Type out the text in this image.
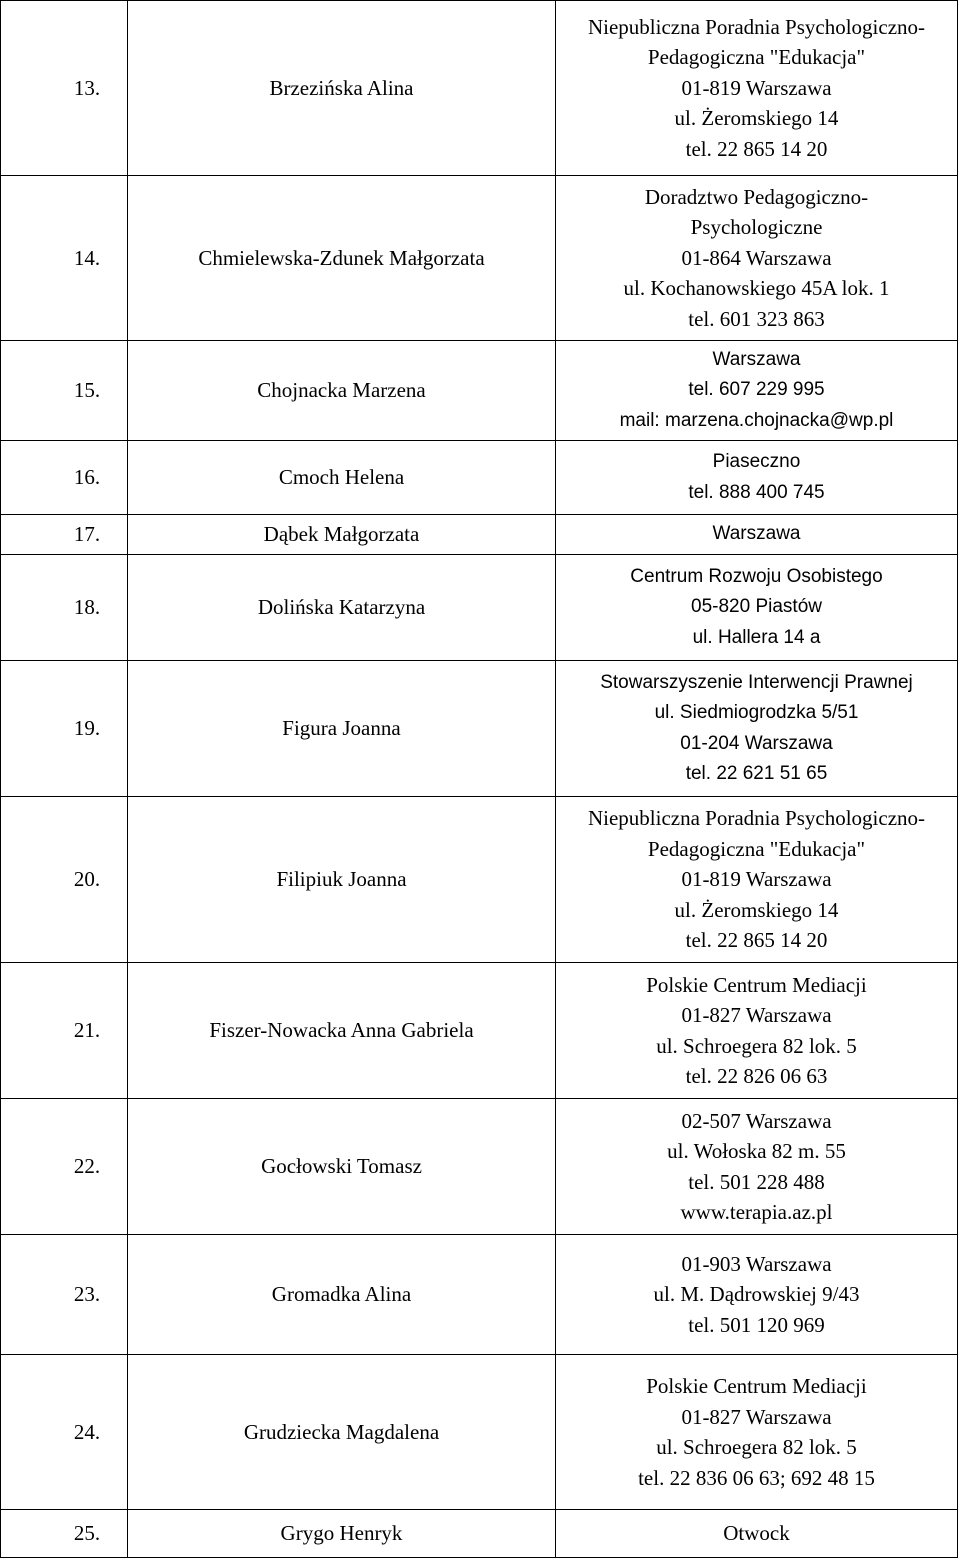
13.	Brzezińska Alina	Niepubliczna Poradnia Psychologiczno-
Pedagogiczna "Edukacja"
01-819 Warszawa
ul. Żeromskiego 14
tel. 22 865 14 20

14.	Chmielewska-Zdunek Małgorzata	Doradztwo Pedagogiczno-
Psychologiczne
01-864 Warszawa
ul. Kochanowskiego 45A lok. 1
tel. 601 323 863

15.	Chojnacka Marzena	Warszawa
tel. 607 229 995
mail: marzena.chojnacka@wp.pl

16.	Cmoch Helena	Piaseczno
tel. 888 400 745

17.	Dąbek Małgorzata	Warszawa

18.	Dolińska Katarzyna	Centrum Rozwoju Osobistego
05-820 Piastów
ul. Hallera 14 a

19.	Figura Joanna	Stowarszyszenie Interwencji Prawnej
ul. Siedmiogrodzka 5/51
01-204 Warszawa
tel. 22 621 51 65

20.	Filipiuk Joanna	Niepubliczna Poradnia Psychologiczno-
Pedagogiczna "Edukacja"
01-819 Warszawa
ul. Żeromskiego 14
tel. 22 865 14 20

21.	Fiszer-Nowacka Anna Gabriela	Polskie Centrum Mediacji
01-827 Warszawa
ul. Schroegera 82 lok. 5
tel. 22 826 06 63

22.	Gocłowski Tomasz	02-507 Warszawa
ul. Wołoska 82 m. 55
tel. 501 228 488
www.terapia.az.pl

23.	Gromadka Alina	01-903 Warszawa
ul. M. Dądrowskiej 9/43
tel. 501 120 969

24.	Grudziecka Magdalena	Polskie Centrum Mediacji
01-827 Warszawa
ul. Schroegera 82 lok. 5
tel. 22 836 06 63; 692 48 15

25.	Grygo Henryk	Otwock
